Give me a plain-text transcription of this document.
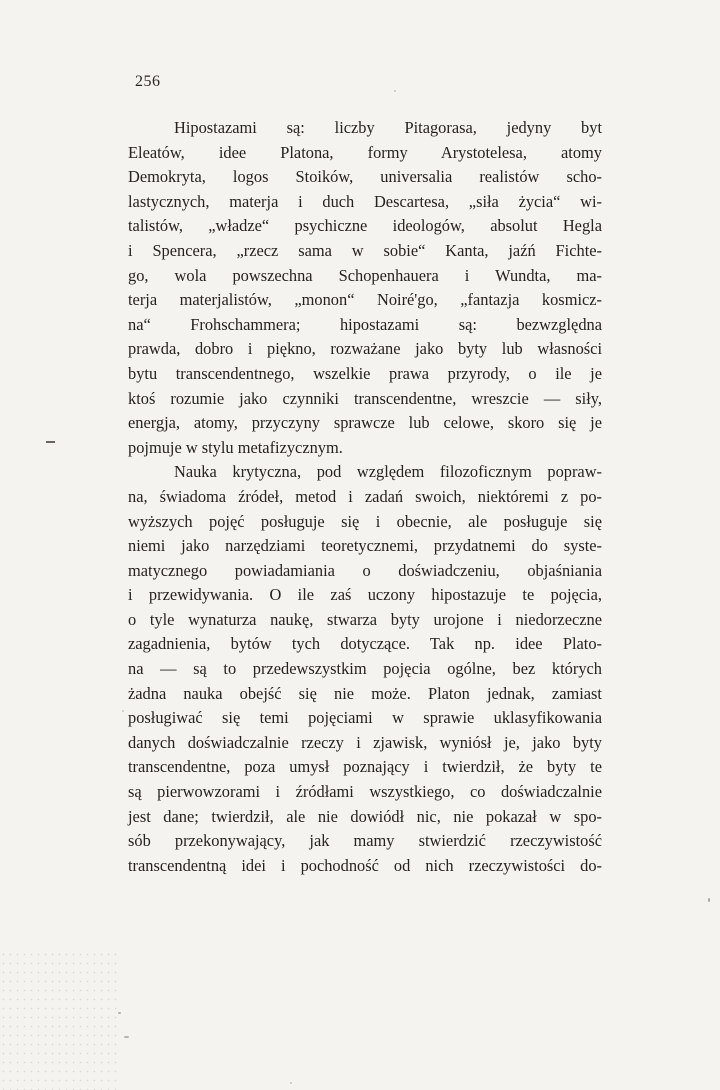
256
Hipostazami są: liczby Pitagorasa, jedyny byt
Eleatów, idee Platona, formy Arystotelesa, atomy
Demokryta, logos Stoików, universalia realistów scho-
lastycznych, materja i duch Descartesa, „siła życia“ wi-
talistów, „władze“ psychiczne ideologów, absolut Hegla
i Spencera, „rzecz sama w sobie“ Kanta, jaźń Fichte-
go, wola powszechna Schopenhauera i Wundta, ma-
terja materjalistów, „monon“ Noiré'go, „fantazja kosmicz-
na“ Frohschammera; hipostazami są: bezwzględna
prawda, dobro i piękno, rozważane jako byty lub własności
bytu transcendentnego, wszelkie prawa przyrody, o ile je
ktoś rozumie jako czynniki transcendentne, wreszcie — siły,
energja, atomy, przyczyny sprawcze lub celowe, skoro się je
pojmuje w stylu metafizycznym.
Nauka krytyczna, pod względem filozoficznym popraw-
na, świadoma źródeł, metod i zadań swoich, niektóremi z po-
wyższych pojęć posługuje się i obecnie, ale posługuje się
niemi jako narzędziami teoretycznemi, przydatnemi do syste-
matycznego powiadamiania o doświadczeniu, objaśniania
i przewidywania. O ile zaś uczony hipostazuje te pojęcia,
o tyle wynaturza naukę, stwarza byty urojone i niedorzeczne
zagadnienia, bytów tych dotyczące. Tak np. idee Plato-
na — są to przedewszystkim pojęcia ogólne, bez których
żadna nauka obejść się nie może. Platon jednak, zamiast
posługiwać się temi pojęciami w sprawie uklasyfikowania
danych doświadczalnie rzeczy i zjawisk, wyniósł je, jako byty
transcendentne, poza umysł poznający i twierdził, że byty te
są pierwowzorami i źródłami wszystkiego, co doświadczalnie
jest dane; twierdził, ale nie dowiódł nic, nie pokazał w spo-
sób przekonywający, jak mamy stwierdzić rzeczywistość
transcendentną idei i pochodność od nich rzeczywistości do-
